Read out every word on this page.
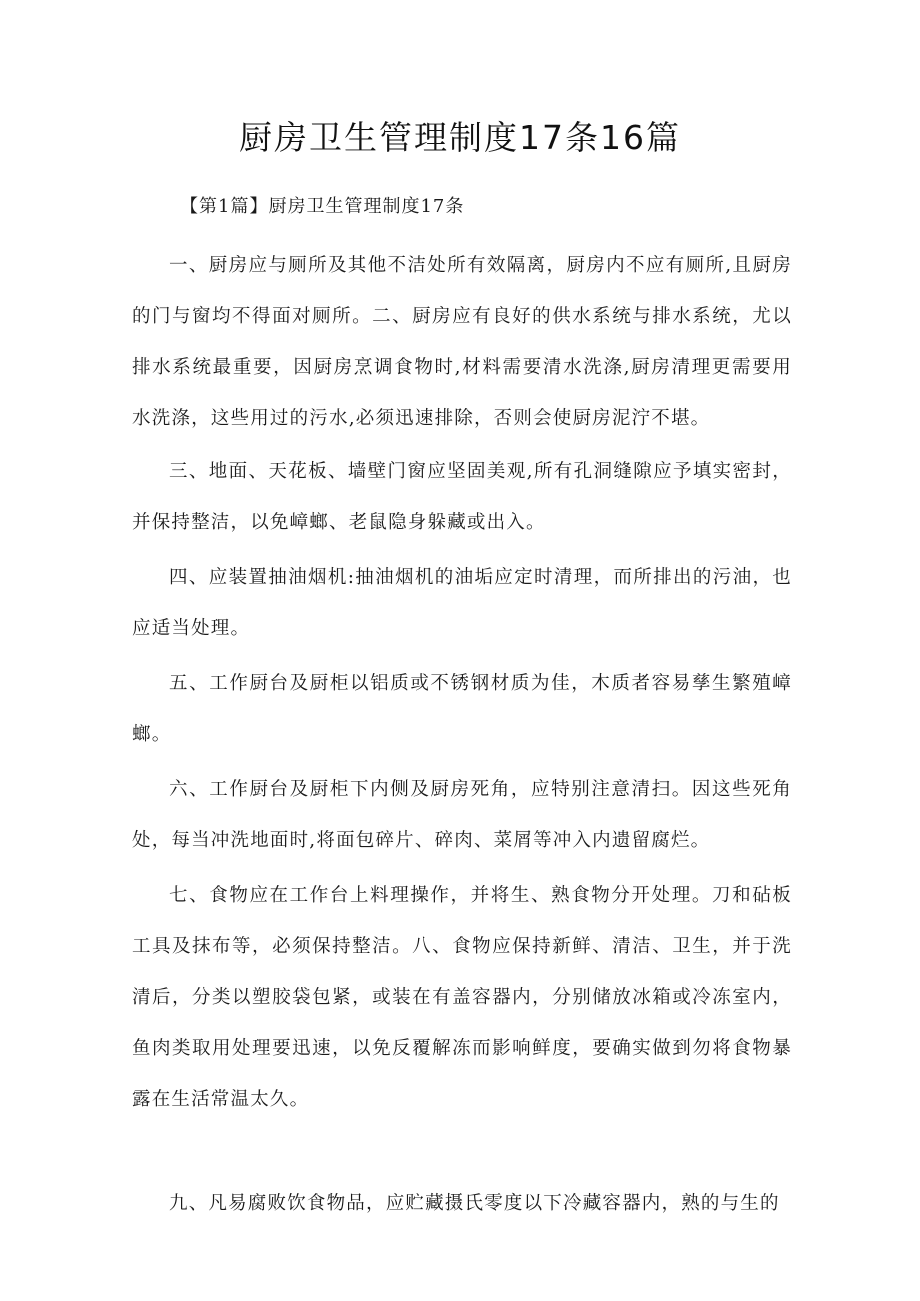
厨房卫生管理制度17条16篇
【第1篇】厨房卫生管理制度17条
一、厨房应与厕所及其他不洁处所有效隔离，厨房内不应有厕所,且厨房的门与窗均不得面对厕所。二、厨房应有良好的供水系统与排水系统，尤以排水系统最重要，因厨房烹调食物时,材料需要清水洗涤,厨房清理更需要用水洗涤，这些用过的污水,必须迅速排除，否则会使厨房泥泞不堪。
三、地面、天花板、墙壁门窗应坚固美观,所有孔洞缝隙应予填实密封，并保持整洁，以免嶂螂、老鼠隐身躲藏或出入。
四、应装置抽油烟机:抽油烟机的油垢应定时清理，而所排出的污油，也应适当处理。
五、工作厨台及厨柜以铝质或不锈钢材质为佳，木质者容易孳生繁殖嶂螂。
六、工作厨台及厨柜下内侧及厨房死角，应特别注意清扫。因这些死角处，每当冲洗地面时,将面包碎片、碎肉、菜屑等冲入内遗留腐烂。
七、食物应在工作台上料理操作，并将生、熟食物分开处理。刀和砧板工具及抹布等，必须保持整洁。八、食物应保持新鲜、清洁、卫生，并于洗清后，分类以塑胶袋包紧，或装在有盖容器内，分别储放冰箱或冷冻室内，鱼肉类取用处理要迅速，以免反覆解冻而影响鲜度，要确实做到勿将食物暴露在生活常温太久。
九、凡易腐败饮食物品，应贮藏摄氏零度以下冷藏容器内，熟的与生的
